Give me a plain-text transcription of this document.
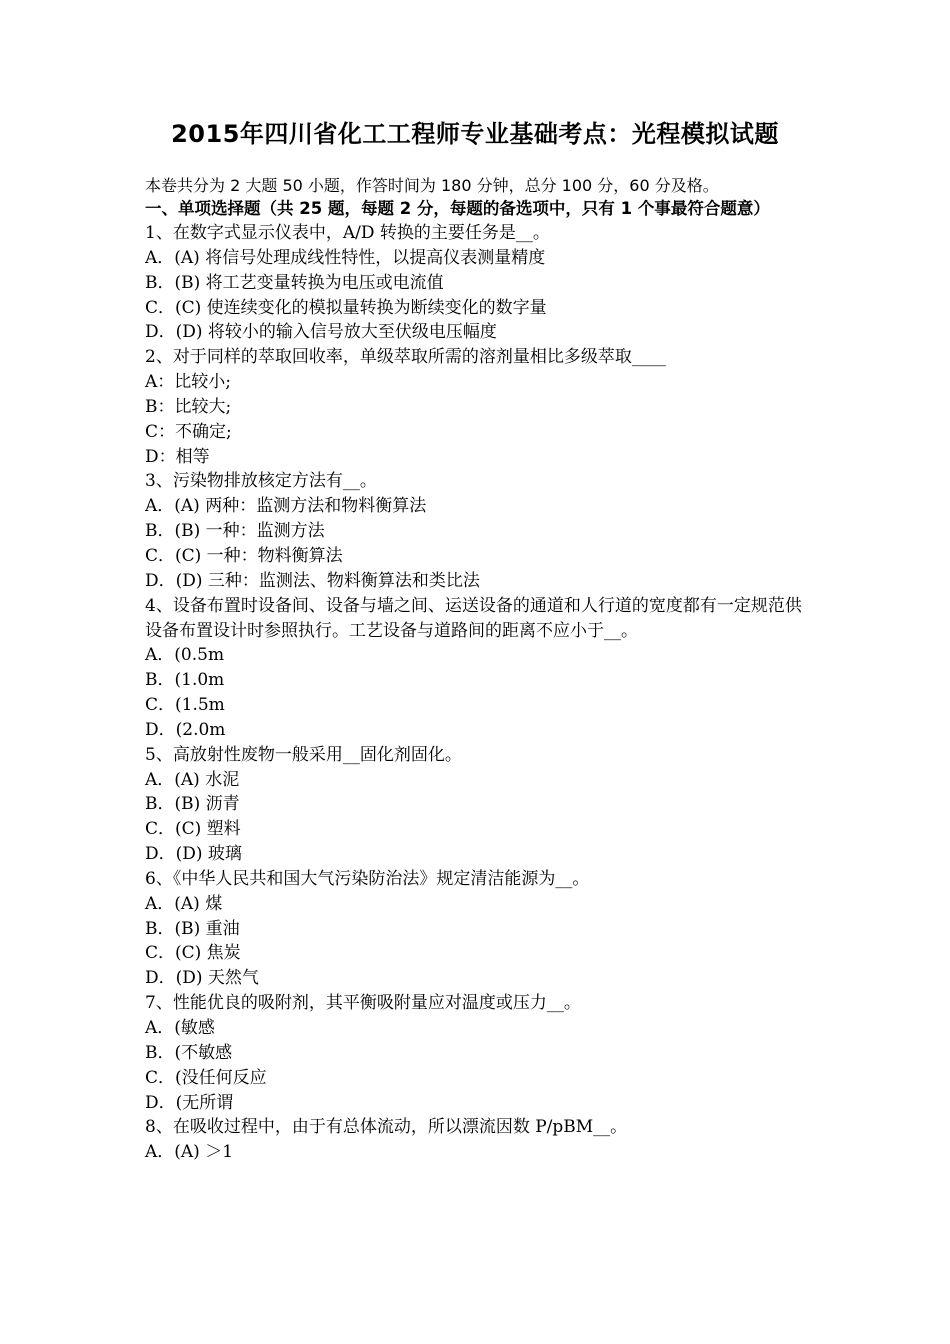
2015年四川省化工工程师专业基础考点：光程模拟试题
本卷共分为 2 大题 50 小题，作答时间为 180 分钟，总分 100 分，60 分及格。
一、单项选择题（共 25 题，每题 2 分，每题的备选项中，只有 1 个事最符合题意）
1、在数字式显示仪表中，A/D 转换的主要任务是__。
A．(A) 将信号处理成线性特性，以提高仪表测量精度
B．(B) 将工艺变量转换为电压或电流值
C．(C) 使连续变化的模拟量转换为断续变化的数字量
D．(D) 将较小的输入信号放大至伏级电压幅度
2、对于同样的萃取回收率，单级萃取所需的溶剂量相比多级萃取____
A：比较小;
B：比较大;
C：不确定;
D：相等
3、污染物排放核定方法有__。
A．(A) 两种：监测方法和物料衡算法
B．(B) 一种：监测方法
C．(C) 一种：物料衡算法
D．(D) 三种：监测法、物料衡算法和类比法
4、设备布置时设备间、设备与墙之间、运送设备的通道和人行道的宽度都有一定规范供设备布置设计时参照执行。工艺设备与道路间的距离不应小于__。
A．(0.5m
B．(1.0m
C．(1.5m
D．(2.0m
5、高放射性废物一般采用__固化剂固化。
A．(A) 水泥
B．(B) 沥青
C．(C) 塑料
D．(D) 玻璃
6、《中华人民共和国大气污染防治法》规定清洁能源为__。
A．(A) 煤
B．(B) 重油
C．(C) 焦炭
D．(D) 天然气
7、性能优良的吸附剂，其平衡吸附量应对温度或压力__。
A．(敏感
B．(不敏感
C．(没任何反应
D．(无所谓
8、在吸收过程中，由于有总体流动，所以漂流因数 P/pBM__。
A．(A) ＞1
